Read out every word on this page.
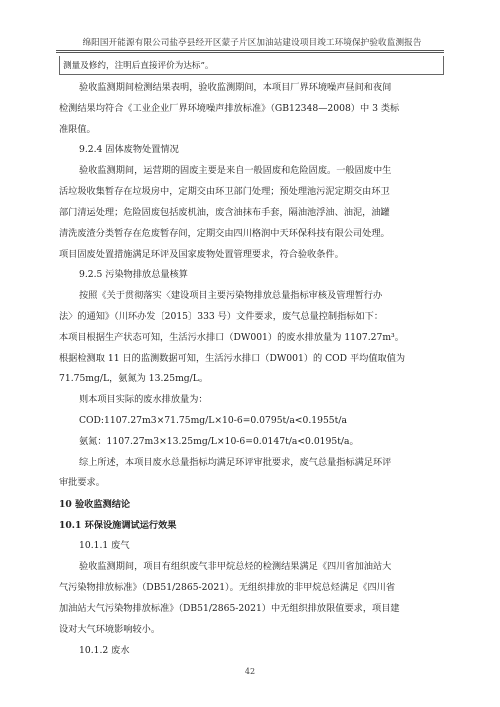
绵阳国开能源有限公司盐亭县经开区蒙子片区加油站建设项目竣工环境保护验收监测报告
测量及修约，注明后直接评价为达标”。
验收监测期间检测结果表明，验收监测期间，本项目厂界环境噪声昼间和夜间
检测结果均符合《工业企业厂界环境噪声排放标准》（GB12348—2008）中 3 类标
准限值。
9.2.4 固体废物处置情况
验收监测期间，运营期的固废主要是来自一般固废和危险固废。一般固废中生
活垃圾收集暂存在垃圾房中，定期交由环卫部门处理；预处理池污泥定期交由环卫
部门清运处理；危险固废包括废机油，废含油抹布手套，隔油池浮油、油泥，油罐
清洗废渣分类暂存在危废暂存间，定期交由四川格润中天环保科技有限公司处理。
项目固废处置措施满足环评及国家废物处置管理要求，符合验收条件。
9.2.5 污染物排放总量核算
按照《关于贯彻落实〈建设项目主要污染物排放总量指标审核及管理暂行办
法〉的通知》（川环办发〔2015〕333 号）文件要求，废气总量控制指标如下：
本项目根据生产状态可知，生活污水排口（DW001）的废水排放量为 1107.27m³。
根据检测取 11 日的监测数据可知，生活污水排口（DW001）的 COD 平均值取值为
71.75mg/L，氨氮为 13.25mg/L。
则本项目实际的废水排放量为：
COD:1107.27m3×71.75mg/L×10-6=0.0795t/a<0.1955t/a
氨氮：1107.27m3×13.25mg/L×10-6=0.0147t/a<0.0195t/a。
综上所述，本项目废水总量指标均满足环评审批要求，废气总量指标满足环评
审批要求。
10 验收监测结论
10.1 环保设施调试运行效果
10.1.1 废气
验收监测期间，项目有组织废气非甲烷总烃的检测结果满足《四川省加油站大
气污染物排放标准》（DB51/2865-2021）。无组织排放的非甲烷总烃满足《四川省
加油站大气污染物排放标准》（DB51/2865-2021）中无组织排放限值要求，项目建
设对大气环境影响较小。
10.1.2 废水
42
